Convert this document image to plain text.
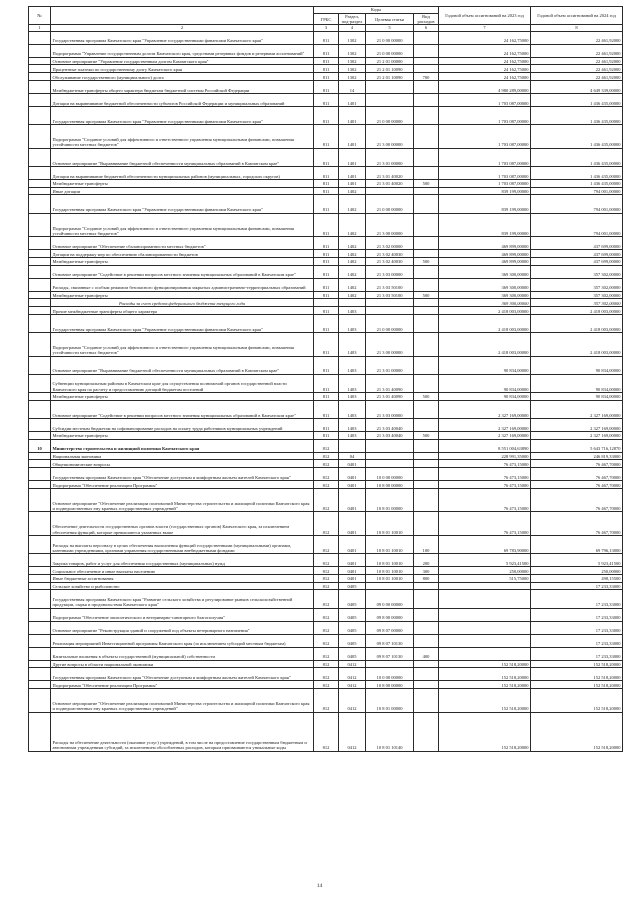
№		Коды				Годовой объем ассигнований на 2023 год	Годовой объем ассигнований на 2024 год
		ГРБС	Раздел, под-раздел	Целевая статья	Вид расходов		
1	2	3	4	5	6	7	8
	Государственная программа Камчатского края "Управление государственными финансами Камчатского края"	811	1302	21 0 00 00000		24 162,75000	22 461,92000
	Подпрограмма "Управление государственным долгом Камчатского края, средствами резервных фондов и резервами ассигнований"	811	1302	21 0 00 00000		24 162,75000	22 461,92000
	Основное мероприятие "Управление государственным долгом Камчатского края"	811	1302	21 2 01 00000		24 162,75000	22 461,92000
	Процентные платежи по государственному долгу Камчатского края	811	1302	21 2 01 10090		24 162,75000	22 461,92000
	Обслуживание государственного (муниципального) долга	811	1302	21 2 01 10090	700	24 162,75000	22 461,92000
	Межбюджетные трансферты общего характера бюджетам бюджетной системы Российской Федерации	811	14			4 980 289,00000	4 649 339,00000
	Дотации на выравнивание бюджетной обеспеченности субъектов Российской Федерации и муниципальных образований	811	1401			1 703 087,00000	1 436 435,00000
	Государственная программа Камчатского края "Управление государственными финансами Камчатского края"	811	1401	21 0 00 00000		1 703 087,00000	1 436 435,00000
	Подпрограмма "Создание условий для эффективного и ответственного управления муниципальными финансами, повышения устойчивости местных бюджетов"	811	1401	21 3 00 00000		1 703 087,00000	1 436 435,00000
	Основное мероприятие "Выравнивание бюджетной обеспеченности муниципальных образований в Камчатском крае"	811	1401	21 3 01 00000		1 703 087,00000	1 436 435,00000
	Дотации на выравнивание бюджетной обеспеченности муниципальных районов (муниципальных, городских округов)	811	1401	21 3 01 40020		1 703 087,00000	1 436 435,00000
	Межбюджетные трансферты	811	1401	21 3 01 40020	500	1 703 087,00000	1 436 435,00000
	Иные дотации	811	1402			839 199,00000	794 001,00000
	Государственная программа Камчатского края "Управление государственными финансами Камчатского края"	811	1402	21 0 00 00000		839 199,00000	794 001,00000
	Подпрограмма "Создание условий для эффективного и ответственного управления муниципальными финансами, повышения устойчивости местных бюджетов"	811	1402	21 3 00 00000		839 199,00000	794 001,00000
	Основное мероприятие "Обеспечение сбалансированности местных бюджетов"	811	1402	21 3 02 00000		469 899,00000	437 699,00000
	Дотации на поддержку мер по обеспечению сбалансированности бюджетов	811	1402	21 3 02 40030		469 899,00000	437 699,00000
	Межбюджетные трансферты	811	1402	21 3 02 40030	500	469 899,00000	437 699,00000
	Основное мероприятие "Содействие в решении вопросов местного значения муниципальных образований в Камчатском крае"	811	1402	21 3 03 00000		369 300,00000	357 302,00000
	Расходы, связанные с особым режимом безопасного функционирования закрытых административно-территориальных образований	811	1402	21 3 03 50100		369 300,00000	357 302,00000
	Межбюджетные трансферты	811	1402	21 3 03 50100	500	369 300,00000	357 302,00000
	Расходы за счет средств федерального бюджета текущего года					369 300,00000	357 302,00000
	Прочие межбюджетные трансферты общего характера	811	1403			2 418 003,00000	2 418 003,00000
	Государственная программа Камчатского края "Управление государственными финансами Камчатского края"	811	1403	21 0 00 00000		2 418 003,00000	2 418 003,00000
	Подпрограмма "Создание условий для эффективного и ответственного управления муниципальными финансами, повышения устойчивости местных бюджетов"	811	1403	21 3 00 00000		2 418 003,00000	2 418 003,00000
	Основное мероприятие "Выравнивание бюджетной обеспеченности муниципальных образований в Камчатском крае"	811	1403	21 3 01 00000		90 834,00000	90 834,00000
	Субвенции муниципальным районам в Камчатском крае для осуществления полномочий органов государственной власти Камчатского края по расчету и предоставлению дотаций бюджетам поселений	811	1403	21 3 01 40090		90 834,00000	90 834,00000
	Межбюджетные трансферты	811	1403	21 3 01 40090	500	90 834,00000	90 834,00000
	Основное мероприятие "Содействие в решении вопросов местного значения муниципальных образований в Камчатском крае"	811	1403	21 3 03 00000		2 327 169,00000	2 327 169,00000
	Субсидии местным бюджетам на софинансирование расходов на оплату труда работников муниципальных учреждений	811	1403	21 3 03 40040		2 327 169,00000	2 327 169,00000
	Межбюджетные трансферты	811	1403	21 3 03 40040	500	2 327 169,00000	2 327 169,00000
10	Министерство строительства и жилищной политики Камчатского края	812				8 551 004,63890	5 643 716,12870
	Национальная экономика	812	04			228 991,35000	246 819,33000
	Общеэкономические вопросы	812	0401			76 473,15000	76 467,70000
	Государственная программа Камчатского края "Обеспечение доступным и комфортным жильем жителей Камчатского края"	812	0401	10 0 00 00000		76 473,15000	76 467,70000
	Подпрограмма "Обеспечение реализации Программы"	812	0401	10 8 00 00000		76 473,15000	76 467,70000
	Основное мероприятие "Обеспечение реализации полномочий Министерства строительства и жилищной политики Камчатского края и подведомственных ему краевых государственных учреждений"	812	0401	10 8 01 00000		76 473,15000	76 467,70000
	Обеспечение деятельности государственных органов власти (государственных органов) Камчатского края, за исключением обеспечения функций, которые превышаются указанных выше	812	0401	10 8 01 10010		76 473,15000	76 467,70000
	Расходы на выплаты персоналу в целях обеспечения выполнения функций государственными (муниципальными) органами, казенными учреждениями, органами управления государственными внебюджетными фондами	812	0401	10 8 01 10010	100	69 783,90000	69 796,13000
	Закупка товаров, работ и услуг для обеспечения государственных (муниципальных) нужд	812	0401	10 8 01 10010	200	5 923,41500	5 923,41500
	Социальное обеспечение и иные выплаты населению	812	0401	10 8 01 10010	300	250,00000	250,00000
	Иные бюджетные ассигнования	812	0401	10 8 01 10010	800	515,75000	498,15500
	Сельское хозяйство и рыболовство	812	0405				17 233,33000
	Государственная программа Камчатского края "Развитие сельского хозяйства и регулирование рынков сельскохозяйственной продукции, сырья и продовольствия Камчатского края"	812	0405	09 0 00 00000			17 233,33000
	Подпрограмма "Обеспечение эпизоотического и ветеринарно-санитарного благополучия"	812	0405	09 8 00 00000			17 233,33000
	Основное мероприятие "Реконструкция зданий и сооружений под объекты ветеринарного назначения"	812	0405	09 8 07 00000			17 233,33000
	Реализация мероприятий Инвестиционной программы Камчатского края (за исключением субсидий местным бюджетам)	812	0405	09 8 07 10130			17 233,33000
	Капитальные вложения в объекты государственной (муниципальной) собственности	812	0405	09 8 07 10130	400		17 233,33000
	Другие вопросы в области национальной экономики	812	0412			152 518,20000	152 518,20000
	Государственная программа Камчатского края "Обеспечение доступным и комфортным жильем жителей Камчатского края"	812	0412	10 0 00 00000		152 518,20000	152 518,20000
	Подпрограмма "Обеспечение реализации Программы"	812	0412	10 8 00 00000		152 518,20000	152 518,20000
	Основное мероприятие "Обеспечение реализации полномочий Министерства строительства и жилищной политики Камчатского края и подведомственных ему краевых государственных учреждений"	812	0412	10 8 01 00000		152 518,20000	152 518,20000
	Расходы на обеспечение деятельности (оказание услуг) учреждений, в том числе на предоставление государственным бюджетным и автономным учреждениям субсидий, за исключением обособленных расходов, которым присваиваются уникальные коды	812	0412	10 8 01 10140		152 518,20000	152 518,20000
14
